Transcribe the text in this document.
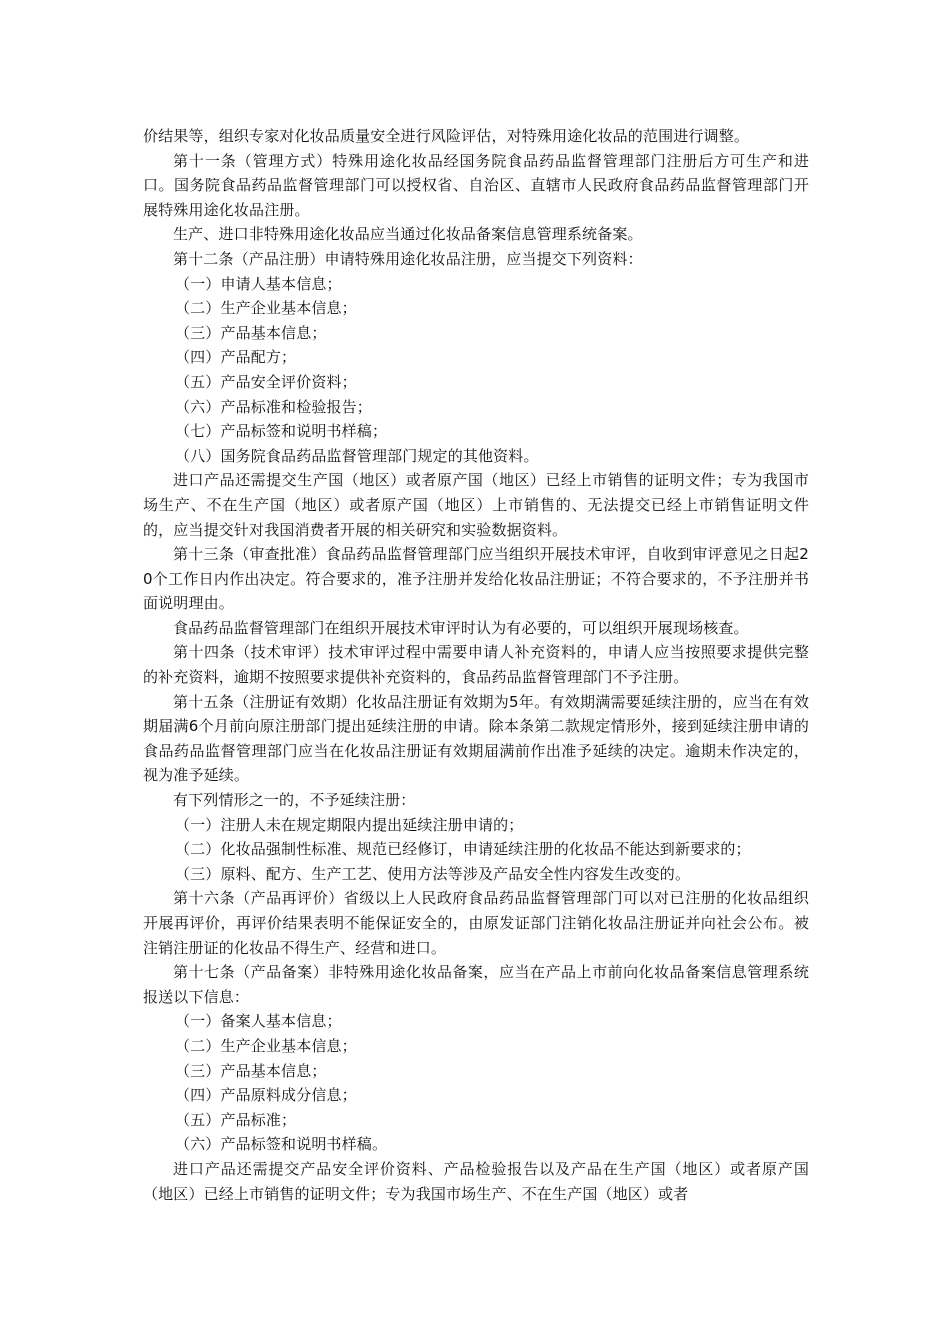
价结果等，组织专家对化妆品质量安全进行风险评估，对特殊用途化妆品的范围进行调整。

第十一条（管理方式）特殊用途化妆品经国务院食品药品监督管理部门注册后方可生产和进口。国务院食品药品监督管理部门可以授权省、自治区、直辖市人民政府食品药品监督管理部门开展特殊用途化妆品注册。

生产、进口非特殊用途化妆品应当通过化妆品备案信息管理系统备案。

第十二条（产品注册）申请特殊用途化妆品注册，应当提交下列资料：

（一）申请人基本信息；

（二）生产企业基本信息；

（三）产品基本信息；

（四）产品配方；

（五）产品安全评价资料；

（六）产品标准和检验报告；

（七）产品标签和说明书样稿；

（八）国务院食品药品监督管理部门规定的其他资料。

进口产品还需提交生产国（地区）或者原产国（地区）已经上市销售的证明文件；专为我国市场生产、不在生产国（地区）或者原产国（地区）上市销售的、无法提交已经上市销售证明文件的，应当提交针对我国消费者开展的相关研究和实验数据资料。

第十三条（审查批准）食品药品监督管理部门应当组织开展技术审评，自收到审评意见之日起20个工作日内作出决定。符合要求的，准予注册并发给化妆品注册证；不符合要求的，不予注册并书面说明理由。

食品药品监督管理部门在组织开展技术审评时认为有必要的，可以组织开展现场核查。

第十四条（技术审评）技术审评过程中需要申请人补充资料的，申请人应当按照要求提供完整的补充资料，逾期不按照要求提供补充资料的，食品药品监督管理部门不予注册。

第十五条（注册证有效期）化妆品注册证有效期为5年。有效期满需要延续注册的，应当在有效期届满6个月前向原注册部门提出延续注册的申请。除本条第二款规定情形外，接到延续注册申请的食品药品监督管理部门应当在化妆品注册证有效期届满前作出准予延续的决定。逾期未作决定的，视为准予延续。

有下列情形之一的，不予延续注册：

（一）注册人未在规定期限内提出延续注册申请的；

（二）化妆品强制性标准、规范已经修订，申请延续注册的化妆品不能达到新要求的；

（三）原料、配方、生产工艺、使用方法等涉及产品安全性内容发生改变的。

第十六条（产品再评价）省级以上人民政府食品药品监督管理部门可以对已注册的化妆品组织开展再评价，再评价结果表明不能保证安全的，由原发证部门注销化妆品注册证并向社会公布。被注销注册证的化妆品不得生产、经营和进口。

第十七条（产品备案）非特殊用途化妆品备案，应当在产品上市前向化妆品备案信息管理系统报送以下信息：

（一）备案人基本信息；

（二）生产企业基本信息；

（三）产品基本信息；

（四）产品原料成分信息；

（五）产品标准；

（六）产品标签和说明书样稿。

进口产品还需提交产品安全评价资料、产品检验报告以及产品在生产国（地区）或者原产国（地区）已经上市销售的证明文件；专为我国市场生产、不在生产国（地区）或者
